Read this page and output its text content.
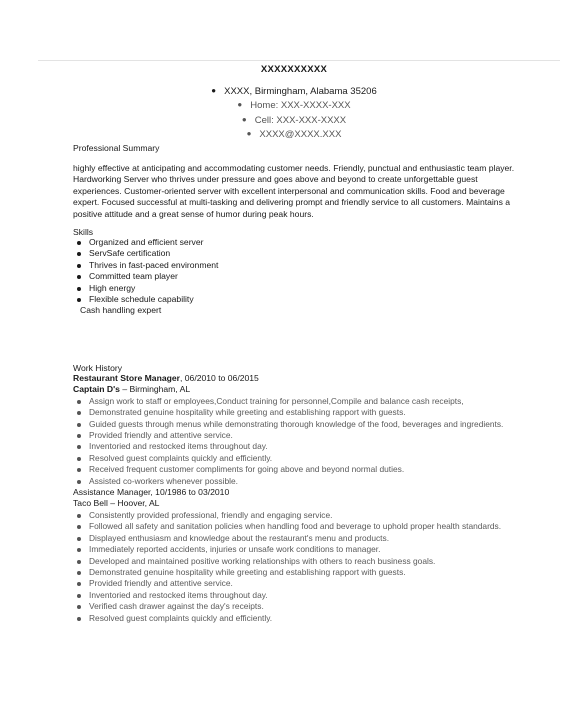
XXXXXXXXXX
● XXXX, Birmingham, Alabama 35206
● Home: XXX-XXXX-XXX
● Cell: XXX-XXX-XXXX
● XXXX@XXXX.XXX
Professional Summary

highly effective at anticipating and accommodating customer needs. Friendly, punctual and enthusiastic team player. Hardworking Server who thrives under pressure and goes above and beyond to create unforgettable guest experiences. Customer-oriented server with excellent interpersonal and communication skills. Food and beverage expert. Focused successful at multi-tasking and delivering prompt and friendly service to all customers. Maintains a positive attitude and a great sense of humor during peak hours.

Skills
Organized and efficient server
ServSafe certification
Thrives in fast-paced environment
Committed team player
High energy
Flexible schedule capability
Cash handling expert
Work History
Restaurant Store Manager, 06/2010 to 06/2015
Captain D's – Birmingham, AL
Assign work to staff or employees,Conduct training for personnel,Compile and balance cash receipts,
Demonstrated genuine hospitality while greeting and establishing rapport with guests.
Guided guests through menus while demonstrating thorough knowledge of the food, beverages and ingredients.
Provided friendly and attentive service.
Inventoried and restocked items throughout day.
Resolved guest complaints quickly and efficiently.
Received frequent customer compliments for going above and beyond normal duties.
Assisted co-workers whenever possible.
Assistance Manager, 10/1986 to 03/2010
Taco Bell – Hoover, AL
Consistently provided professional, friendly and engaging service.
Followed all safety and sanitation policies when handling food and beverage to uphold proper health standards.
Displayed enthusiasm and knowledge about the restaurant's menu and products.
Immediately reported accidents, injuries or unsafe work conditions to manager.
Developed and maintained positive working relationships with others to reach business goals.
Demonstrated genuine hospitality while greeting and establishing rapport with guests.
Provided friendly and attentive service.
Inventoried and restocked items throughout day.
Verified cash drawer against the day's receipts.
Resolved guest complaints quickly and efficiently.
